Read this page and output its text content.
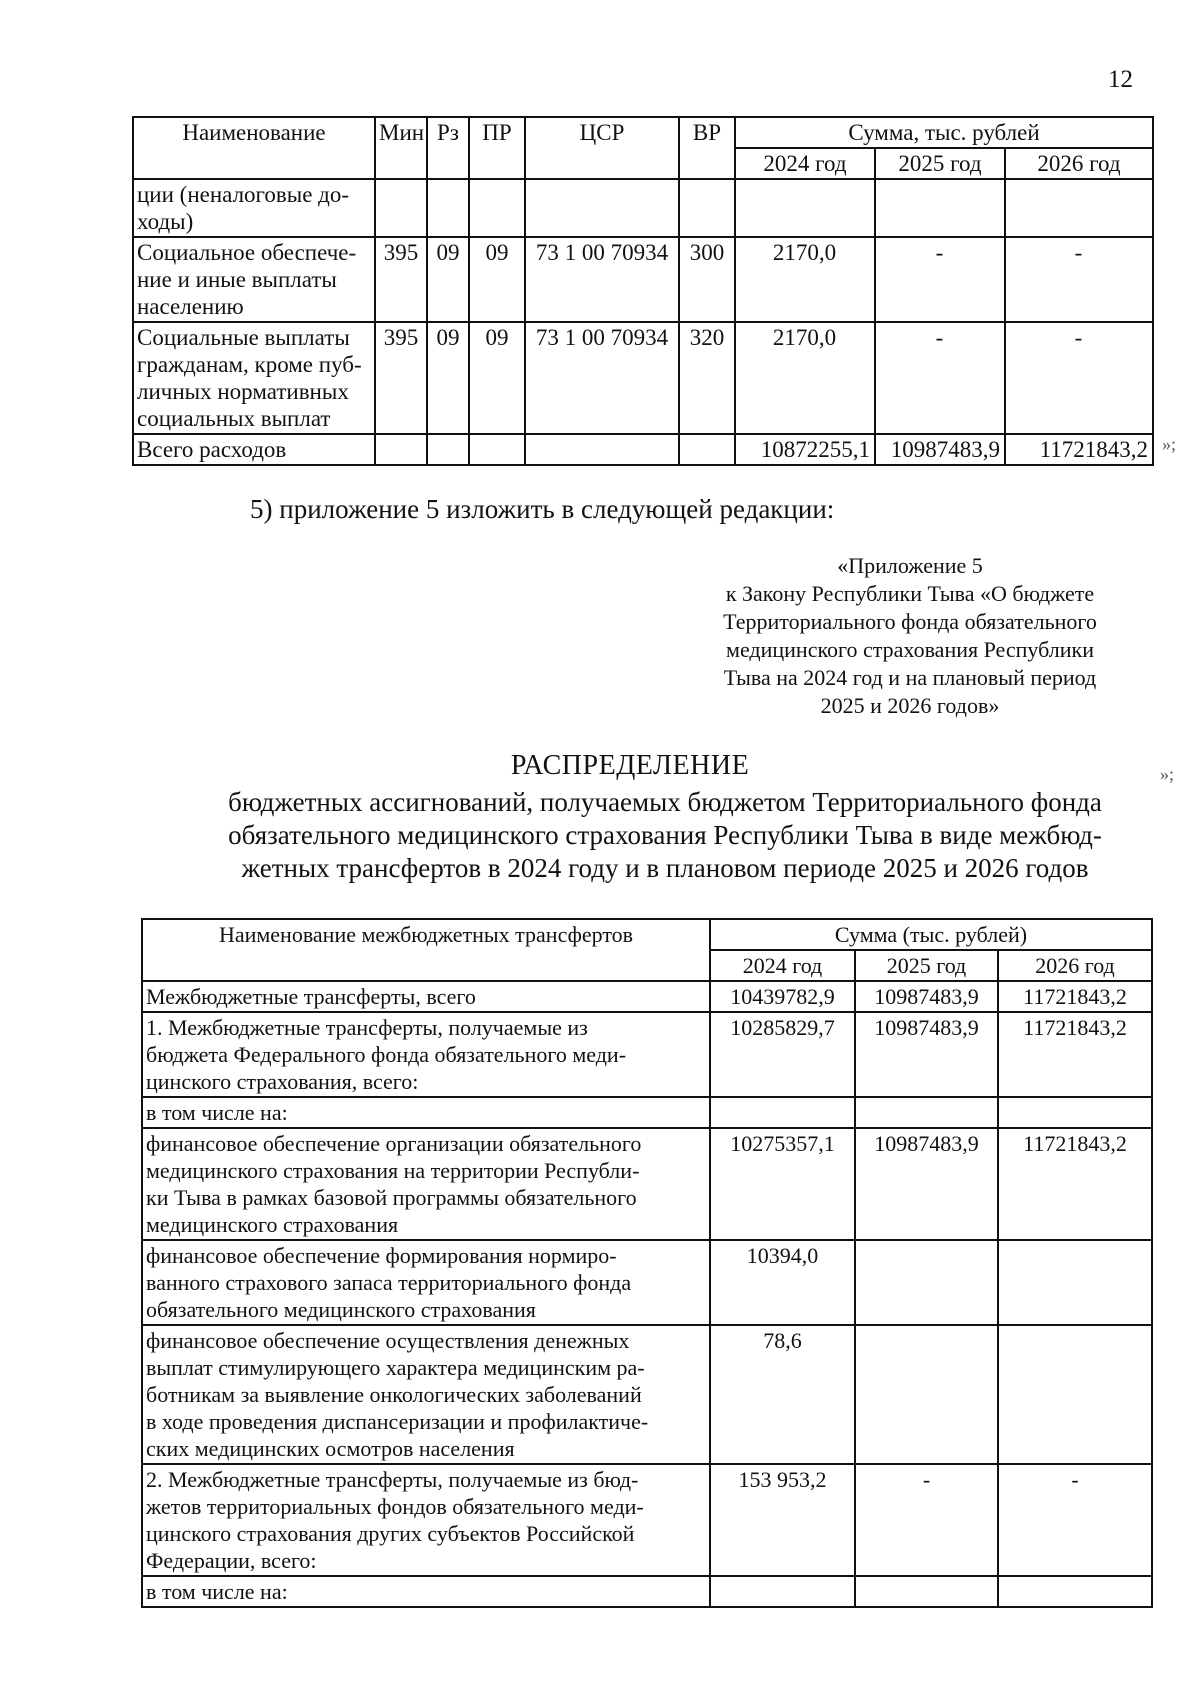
12
Наименование	Мин	Рз	ПР	ЦСР	ВР	Сумма, тыс. рублей		
						2024 год	2025 год	2026 год

ции (неналоговые до-
ходы)								

Социальное обеспече-
ние и иные выплаты
населению	395	09	09	73 1 00 70934	300	2170,0	-	-

Социальные выплаты
гражданам, кроме пуб-
личных нормативных
социальных выплат	395	09	09	73 1 00 70934	320	2170,0	-	-

Всего расходов						10872255,1	10987483,9	11721843,2 »;
5) приложение 5 изложить в следующей редакции:
«Приложение 5
к Закону Республики Тыва «О бюджете
Территориального фонда обязательного
медицинского страхования Республики
Тыва на 2024 год и на плановый период
2025 и 2026 годов»
»;
РАСПРЕДЕЛЕНИЕ
бюджетных ассигнований, получаемых бюджетом Территориального фонда
обязательного медицинского страхования Республики Тыва в виде межбюд-
жетных трансфертов в 2024 году и в плановом периоде 2025 и 2026 годов
Наименование межбюджетных трансфертов	Сумма (тыс. рублей)		
	2024 год	2025 год	2026 год

Межбюджетные трансферты, всего	10439782,9	10987483,9	11721843,2

1. Межбюджетные трансферты, получаемые из
бюджета Федерального фонда обязательного меди-
цинского страхования, всего:	10285829,7	10987483,9	11721843,2

в том числе на:			

финансовое обеспечение организации обязательного
медицинского страхования на территории Республи-
ки Тыва в рамках базовой программы обязательного
медицинского страхования	10275357,1	10987483,9	11721843,2

финансовое обеспечение формирования нормиро-
ванного страхового запаса территориального фонда
обязательного медицинского страхования	10394,0		

финансовое обеспечение осуществления денежных
выплат стимулирующего характера медицинским ра-
ботникам за выявление онкологических заболеваний
в ходе проведения диспансеризации и профилактиче-
ских медицинских осмотров населения	78,6		

2. Межбюджетные трансферты, получаемые из бюд-
жетов территориальных фондов обязательного меди-
цинского страхования других субъектов Российской
Федерации, всего:	153 953,2	-	-

в том числе на:			
